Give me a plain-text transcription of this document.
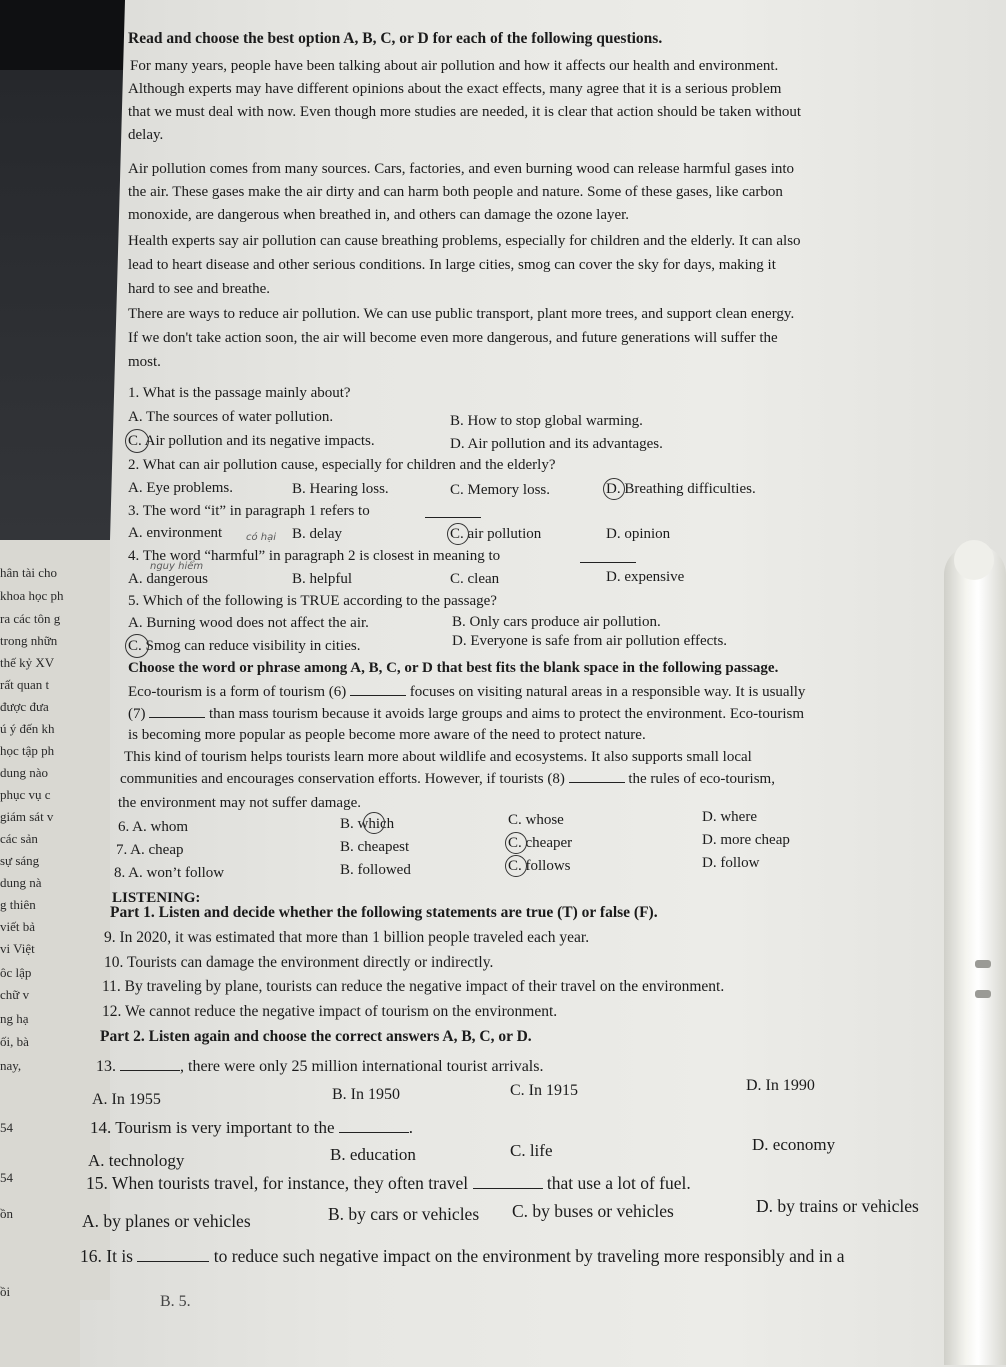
hân tài cho
khoa học ph
ra các tôn g
trong nhữn
thế kỷ XV
rất quan t
được đưa
ú ý đến kh
học tập ph
dung nào
phục vụ c
giám sát v
các sản
sự sáng
dung nà
g thiên
viết bả
vi Việt
ôc lập
chữ v
ng hạ
ối, bà
nay,
54
54
ồn
ồi
Read and choose the best option A, B, C, or D for each of the following questions.
For many years, people have been talking about air pollution and how it affects our health and environment.
Although experts may have different opinions about the exact effects, many agree that it is a serious problem
that we must deal with now. Even though more studies are needed, it is clear that action should be taken without
delay.
Air pollution comes from many sources. Cars, factories, and even burning wood can release harmful gases into
the air. These gases make the air dirty and can harm both people and nature. Some of these gases, like carbon
monoxide, are dangerous when breathed in, and others can damage the ozone layer.
Health experts say air pollution can cause breathing problems, especially for children and the elderly. It can also
lead to heart disease and other serious conditions. In large cities, smog can cover the sky for days, making it
hard to see and breathe.
There are ways to reduce air pollution. We can use public transport, plant more trees, and support clean energy.
If we don't take action soon, the air will become even more dangerous, and future generations will suffer the
most.
1. What is the passage mainly about?
A. The sources of water pollution.	B. How to stop global warming.
C. Air pollution and its negative impacts.	D. Air pollution and its advantages.
2. What can air pollution cause, especially for children and the elderly?
A. Eye problems.	B. Hearing loss.	C. Memory loss.	D. Breathing difficulties.
3. The word “it” in paragraph 1 refers to
A. environment	B. delay	C. air pollution	D. opinion
có hại
4. The word “harmful” in paragraph 2 is closest in meaning to
nguy hiểm
A. dangerous	B. helpful	C. clean	D. expensive
5. Which of the following is TRUE according to the passage?
A. Burning wood does not affect the air.	B. Only cars produce air pollution.
C. Smog can reduce visibility in cities.	D. Everyone is safe from air pollution effects.
Choose the word or phrase among A, B, C, or D that best fits the blank space in the following passage.
Eco-tourism is a form of tourism (6)	focuses on visiting natural areas in a responsible way. It is usually
(7)	than mass tourism because it avoids large groups and aims to protect the environment. Eco-tourism
is becoming more popular as people become more aware of the need to protect nature.
This kind of tourism helps tourists learn more about wildlife and ecosystems. It also supports small local
communities and encourages conservation efforts. However, if tourists (8)	the rules of eco-tourism,
the environment may not suffer damage.
6. A. whom	B. which	C. whose	D. where
7. A. cheap	B. cheapest	C. cheaper	D. more cheap
8. A. won’t follow	B. followed	C. follows	D. follow
LISTENING:
Part 1. Listen and decide whether the following statements are true (T) or false (F).
9. In 2020, it was estimated that more than 1 billion people traveled each year.
10. Tourists can damage the environment directly or indirectly.
11. By traveling by plane, tourists can reduce the negative impact of their travel on the environment.
12. We cannot reduce the negative impact of tourism on the environment.
Part 2. Listen again and choose the correct answers A, B, C, or D.
13.	, there were only 25 million international tourist arrivals.
A. In 1955	B. In 1950	C. In 1915	D. In 1990
14. Tourism is very important to the	.
A. technology	B. education	C. life	D. economy
15. When tourists travel, for instance, they often travel	that use a lot of fuel.
A. by planes or vehicles	B. by cars or vehicles C. by buses or vehicles	D. by trains or vehicles
16. It is	to reduce such negative impact on the environment by traveling more responsibly and in a
B. 5.
